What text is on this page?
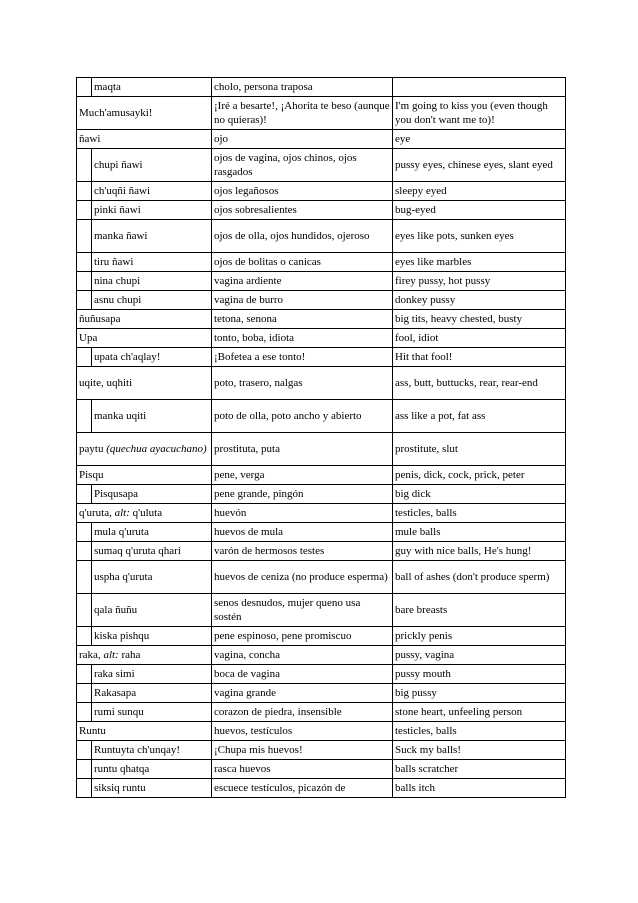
	maqta	cholo, persona traposa	
Much'amusayki!		¡Iré a besarte!, ¡Ahorita te beso (aunque no quieras)!	I'm going to kiss you (even though you don't want me to)!
ñawi		ojo	eye
	chupi ñawi	ojos de vagina, ojos chinos, ojos rasgados	pussy eyes, chinese eyes, slant eyed
	ch'uqñi ñawi	ojos legañosos	sleepy eyed
	pinki ñawi	ojos sobresalientes	bug-eyed
	manka ñawi	ojos de olla, ojos hundidos, ojeroso	eyes like pots, sunken eyes
	tiru ñawi	ojos de bolitas o canicas	eyes like marbles
	nina chupi	vagina ardiente	firey pussy, hot pussy
	asnu chupi	vagina de burro	donkey pussy
ñuñusapa		tetona, senona	big tits, heavy chested, busty
Upa		tonto, boba, idiota	fool, idiot
	upata ch'aqlay!	¡Bofetea a ese tonto!	Hit that fool!
uqite, uqhiti		poto, trasero, nalgas	ass, butt, buttucks, rear, rear-end
	manka uqiti	poto de olla, poto ancho y abierto	ass like a pot, fat ass
paytu (quechua ayacuchano)		prostituta, puta	prostitute, slut
Pisqu		pene, verga	penis, dick, cock, prick, peter
	Pisqusapa	pene grande, pingón	big dick
q'uruta, alt: q'uluta		huevón	testicles, balls
	mula q'uruta	huevos de mula	mule balls
	sumaq q'uruta qhari	varón de hermosos testes	guy with nice balls, He's hung!
	uspha q'uruta	huevos de ceniza (no produce esperma)	ball of ashes (don't produce sperm)
	qala ñuñu	senos desnudos, mujer queno usa sostén	bare breasts
	kiska pishqu	pene espinoso, pene promiscuo	prickly penis
raka, alt: raha		vagina, concha	pussy, vagina
	raka simi	boca de vagina	pussy mouth
	Rakasapa	vagina grande	big pussy
	rumi sunqu	corazon de piedra, insensible	stone heart, unfeeling person
Runtu		huevos, testículos	testicles, balls
	Runtuyta ch'unqay!	¡Chupa mis huevos!	Suck my balls!
	runtu qhatqa	rasca huevos	balls scratcher
	siksiq runtu	escuece testículos, picazón de	balls itch
